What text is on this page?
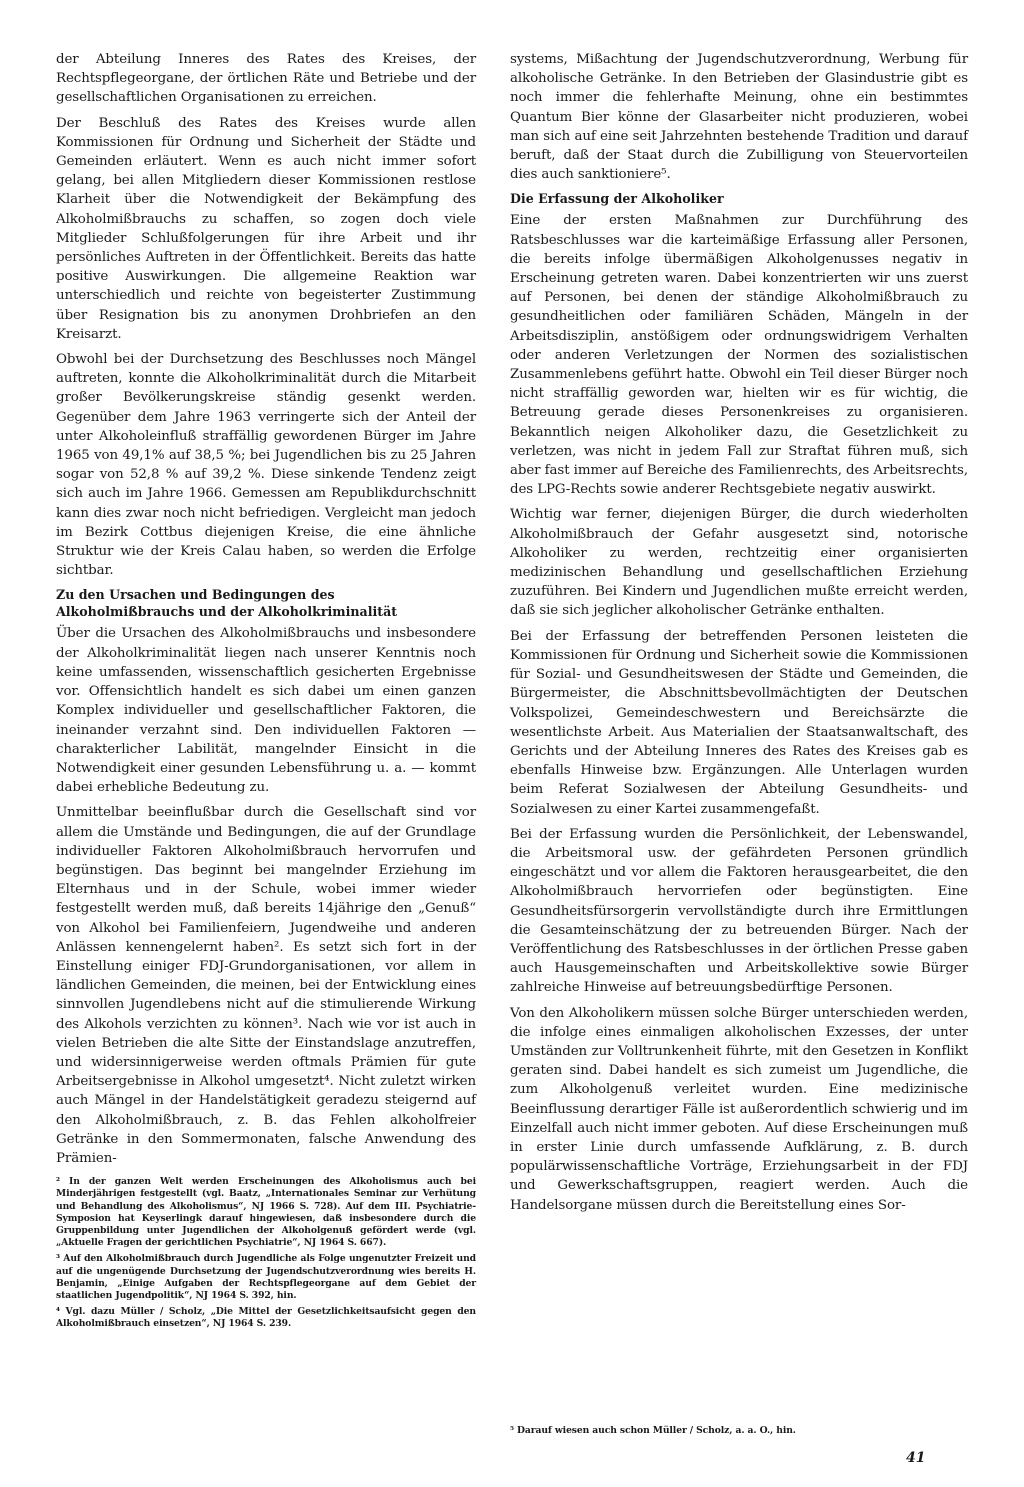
der Abteilung Inneres des Rates des Kreises, der Rechtspflegeorgane, der örtlichen Räte und Betriebe und der gesellschaftlichen Organisationen zu erreichen.

Der Beschluß des Rates des Kreises wurde allen Kommissionen für Ordnung und Sicherheit der Städte und Gemeinden erläutert. Wenn es auch nicht immer sofort gelang, bei allen Mitgliedern dieser Kommissionen restlose Klarheit über die Notwendigkeit der Bekämpfung des Alkoholmißbrauchs zu schaffen, so zogen doch viele Mitglieder Schlußfolgerungen für ihre Arbeit und ihr persönliches Auftreten in der Öffentlichkeit. Bereits das hatte positive Auswirkungen. Die allgemeine Reaktion war unterschiedlich und reichte von begeisterter Zustimmung über Resignation bis zu anonymen Drohbriefen an den Kreisarzt.

Obwohl bei der Durchsetzung des Beschlusses noch Mängel auftreten, konnte die Alkoholkriminalität durch die Mitarbeit großer Bevölkerungskreise ständig gesenkt werden. Gegenüber dem Jahre 1963 verringerte sich der Anteil der unter Alkoholeinfluß straffällig gewordenen Bürger im Jahre 1965 von 49,1% auf 38,5 %; bei Jugendlichen bis zu 25 Jahren sogar von 52,8 % auf 39,2 %. Diese sinkende Tendenz zeigt sich auch im Jahre 1966. Gemessen am Republikdurchschnitt kann dies zwar noch nicht befriedigen. Vergleicht man jedoch im Bezirk Cottbus diejenigen Kreise, die eine ähnliche Struktur wie der Kreis Calau haben, so werden die Erfolge sichtbar.

Zu den Ursachen und Bedingungen des Alkoholmißbrauchs und der Alkoholkriminalität

Über die Ursachen des Alkoholmißbrauchs und insbesondere der Alkoholkriminalität liegen nach unserer Kenntnis noch keine umfassenden, wissenschaftlich gesicherten Ergebnisse vor. Offensichtlich handelt es sich dabei um einen ganzen Komplex individueller und gesellschaftlicher Faktoren, die ineinander verzahnt sind. Den individuellen Faktoren — charakterlicher Labilität, mangelnder Einsicht in die Notwendigkeit einer gesunden Lebensführung u. a. — kommt dabei erhebliche Bedeutung zu.

Unmittelbar beeinflußbar durch die Gesellschaft sind vor allem die Umstände und Bedingungen, die auf der Grundlage individueller Faktoren Alkoholmißbrauch hervorrufen und begünstigen. Das beginnt bei mangelnder Erziehung im Elternhaus und in der Schule, wobei immer wieder festgestellt werden muß, daß bereits 14jährige den „Genuß“ von Alkohol bei Familienfeiern, Jugendweihe und anderen Anlässen kennengelernt haben². Es setzt sich fort in der Einstellung einiger FDJ-Grundorganisationen, vor allem in ländlichen Gemeinden, die meinen, bei der Entwicklung eines sinnvollen Jugendlebens nicht auf die stimulierende Wirkung des Alkohols verzichten zu können³. Nach wie vor ist auch in vielen Betrieben die alte Sitte der Einstandslage anzutreffen, und widersinnigerweise werden oftmals Prämien für gute Arbeitsergebnisse in Alkohol umgesetzt⁴. Nicht zuletzt wirken auch Mängel in der Handelstätigkeit geradezu steigernd auf den Alkoholmißbrauch, z. B. das Fehlen alkoholfreier Getränke in den Sommermonaten, falsche Anwendung des Prämien-

² In der ganzen Welt werden Erscheinungen des Alkoholismus auch bei Minderjährigen festgestellt (vgl. Baatz, „Internationales Seminar zur Verhütung und Behandlung des Alkoholismus“, NJ 1966 S. 728). Auf dem III. Psychiatrie-Symposion hat Keyserlingk darauf hingewiesen, daß insbesondere durch die Gruppenbildung unter Jugendlichen der Alkoholgenuß gefördert werde (vgl. „Aktuelle Fragen der gerichtlichen Psychiatrie“, NJ 1964 S. 667).

³ Auf den Alkoholmißbrauch durch Jugendliche als Folge ungenutzter Freizeit und auf die ungenügende Durchsetzung der Jugendschutzverordnung wies bereits H. Benjamin, „Einige Aufgaben der Rechtspflegeorgane auf dem Gebiet der staatlichen Jugendpolitik“, NJ 1964 S. 392, hin.

⁴ Vgl. dazu Müller / Scholz, „Die Mittel der Gesetzlichkeitsaufsicht gegen den Alkoholmißbrauch einsetzen“, NJ 1964 S. 239.

systems, Mißachtung der Jugendschutzverordnung, Werbung für alkoholische Getränke. In den Betrieben der Glasindustrie gibt es noch immer die fehlerhafte Meinung, ohne ein bestimmtes Quantum Bier könne der Glasarbeiter nicht produzieren, wobei man sich auf eine seit Jahrzehnten bestehende Tradition und darauf beruft, daß der Staat durch die Zubilligung von Steuervorteilen dies auch sanktioniere⁵.

Die Erfassung der Alkoholiker

Eine der ersten Maßnahmen zur Durchführung des Ratsbeschlusses war die karteimäßige Erfassung aller Personen, die bereits infolge übermäßigen Alkoholgenusses negativ in Erscheinung getreten waren. Dabei konzentrierten wir uns zuerst auf Personen, bei denen der ständige Alkoholmißbrauch zu gesundheitlichen oder familiären Schäden, Mängeln in der Arbeitsdisziplin, anstößigem oder ordnungswidrigem Verhalten oder anderen Verletzungen der Normen des sozialistischen Zusammenlebens geführt hatte. Obwohl ein Teil dieser Bürger noch nicht straffällig geworden war, hielten wir es für wichtig, die Betreuung gerade dieses Personenkreises zu organisieren. Bekanntlich neigen Alkoholiker dazu, die Gesetzlichkeit zu verletzen, was nicht in jedem Fall zur Straftat führen muß, sich aber fast immer auf Bereiche des Familienrechts, des Arbeitsrechts, des LPG-Rechts sowie anderer Rechtsgebiete negativ auswirkt.

Wichtig war ferner, diejenigen Bürger, die durch wiederholten Alkoholmißbrauch der Gefahr ausgesetzt sind, notorische Alkoholiker zu werden, rechtzeitig einer organisierten medizinischen Behandlung und gesellschaftlichen Erziehung zuzuführen. Bei Kindern und Jugendlichen mußte erreicht werden, daß sie sich jeglicher alkoholischer Getränke enthalten.

Bei der Erfassung der betreffenden Personen leisteten die Kommissionen für Ordnung und Sicherheit sowie die Kommissionen für Sozial- und Gesundheitswesen der Städte und Gemeinden, die Bürgermeister, die Abschnittsbevollmächtigten der Deutschen Volkspolizei, Gemeindeschwestern und Bereichsärzte die wesentlichste Arbeit. Aus Materialien der Staatsanwaltschaft, des Gerichts und der Abteilung Inneres des Rates des Kreises gab es ebenfalls Hinweise bzw. Ergänzungen. Alle Unterlagen wurden beim Referat Sozialwesen der Abteilung Gesundheits- und Sozialwesen zu einer Kartei zusammengefaßt.

Bei der Erfassung wurden die Persönlichkeit, der Lebenswandel, die Arbeitsmoral usw. der gefährdeten Personen gründlich eingeschätzt und vor allem die Faktoren herausgearbeitet, die den Alkoholmißbrauch hervorriefen oder begünstigten. Eine Gesundheitsfürsorgerin vervollständigte durch ihre Ermittlungen die Gesamteinschätzung der zu betreuenden Bürger. Nach der Veröffentlichung des Ratsbeschlusses in der örtlichen Presse gaben auch Hausgemeinschaften und Arbeitskollektive sowie Bürger zahlreiche Hinweise auf betreuungsbedürftige Personen.

Von den Alkoholikern müssen solche Bürger unterschieden werden, die infolge eines einmaligen alkoholischen Exzesses, der unter Umständen zur Volltrunkenheit führte, mit den Gesetzen in Konflikt geraten sind. Dabei handelt es sich zumeist um Jugendliche, die zum Alkoholgenuß verleitet wurden. Eine medizinische Beeinflussung derartiger Fälle ist außerordentlich schwierig und im Einzelfall auch nicht immer geboten. Auf diese Erscheinungen muß in erster Linie durch umfassende Aufklärung, z. B. durch populärwissenschaftliche Vorträge, Erziehungsarbeit in der FDJ und Gewerkschaftsgruppen, reagiert werden. Auch die Handelsorgane müssen durch die Bereitstellung eines Sor-

⁵ Darauf wiesen auch schon Müller / Scholz, a. a. O., hin.

41
